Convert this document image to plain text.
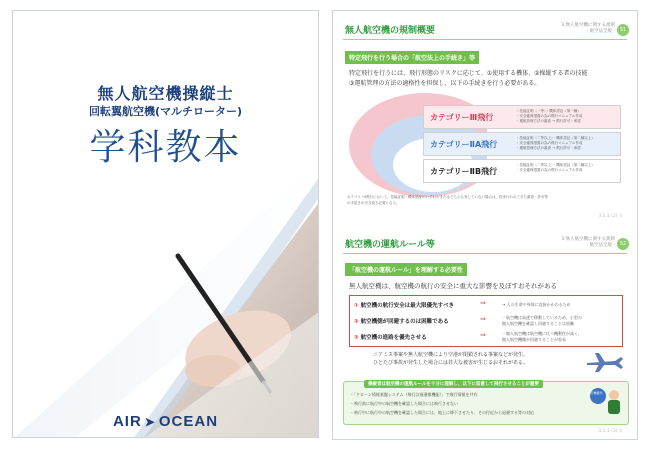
無人航空機操縦士
回転翼航空機(マルチローター)
学科教本
AIR ➤ OCEAN
無人航空機の規制概要
3.無人航空機に関する規則
- 航空法全般 - 51
特定飛行を行う場合の「航空法上の手続き」等
特定飛行を行うには、飛行形態のリスクに応じて、①使用する機体、②操縦する者の技能
③運航管理の方法の適格性を担保し、以下の手続きを行う必要がある。
カテゴリーⅢ飛行
・技能証明（一等）・機体認証（第一種）
・安全確保措置の為の飛行マニュアル作成
・運航管理方法の審査 → 飛行許可・承認
カテゴリーⅡA飛行
・技能証明（二等以上）・機体認証（第二種以上）
・安全確保措置の為の飛行マニュアル作成
・運航管理方法の審査 → 飛行許可・承認
カテゴリーⅡB飛行
・技能証明（二等以上）・機体認証（第二種以上）
・安全確保措置の為の飛行マニュアル作成
カテゴリーⅡ飛行において、技能証明・機体認証のいずれかまたはどちらも有していない場合は、従来行われてきた審査・許可等
の手続きが引き続き必要となる。
3.1.1 (2) ①
航空機の運航ルール等
3.無人航空機に関する規則
- 航空法全般 - 52
「航空機の運航ルール」を理解する必要性
無人航空機は、航空機の航行の安全に重大な影響を及ぼすおそれがある
① 航空機の航行安全は最大限優先すべき	⇒	→ 人の生命や身体に直接かかわるため
② 航空機側が回避するのは困難である	⇒	・航空機は高速で移動しているため、小型の
無人航空機を確認し回避することは困難
③ 航空機の進路を優先させる	⇒	・無人航空機は航空機に比べ機動性が高く、
無人航空機側が回避することが容易
ニアミス事案や無人航空機により空港が閉鎖される事案などが発生。
ひとたび事故が発生した場合には甚大な被害が生じるおそれがある。
操縦者は航空機の運航ルールを十分に理解し、以下に留意して飛行させることが重要
・「ドローン情報基盤システム（飛行計画通報機能）」で飛行情報を共有
・飛行前に航行中の航空機を確認した場合には飛行させない
・飛行中に航行中の航空機を確認した場合には、地上に降下させたり、その付近から退避する等の対応
航空機優先
3.1.1 (3) ①
